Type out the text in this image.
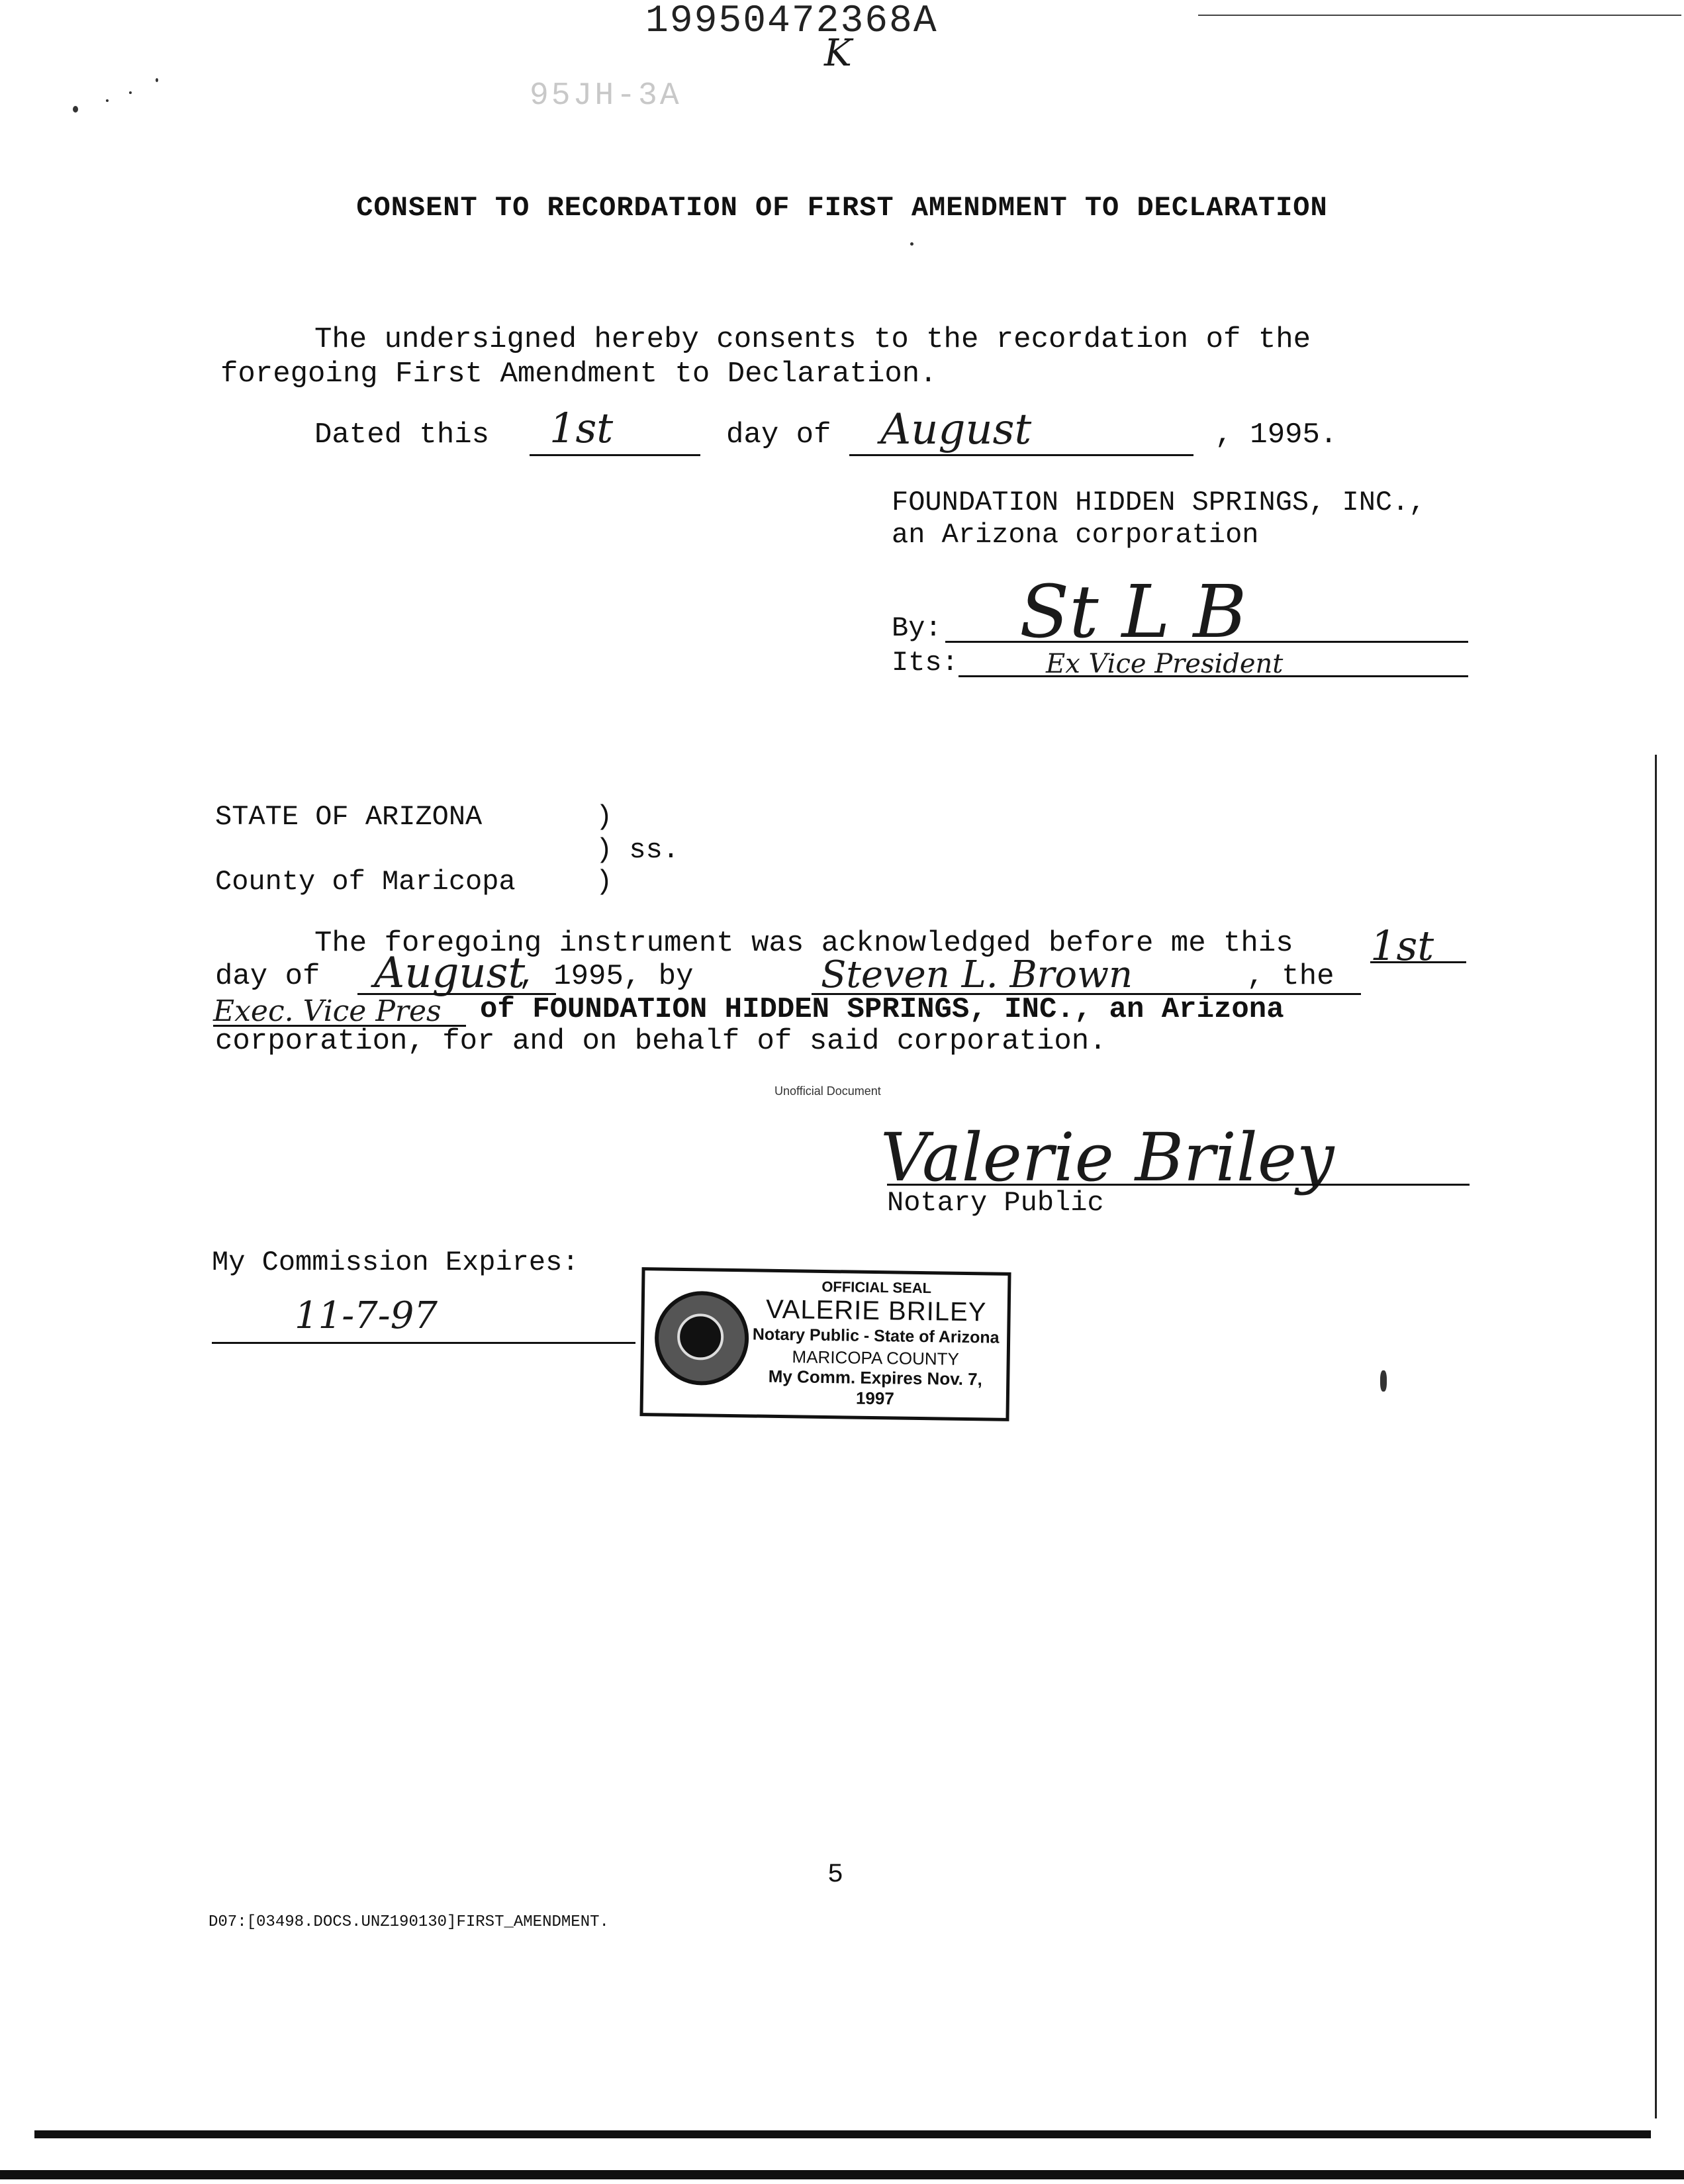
19950472368A
K
95JH-3A
CONSENT TO RECORDATION OF FIRST AMENDMENT TO DECLARATION
The undersigned hereby consents to the recordation of the
foregoing First Amendment to Declaration.
Dated this	day of	, 1995.
1st	August
FOUNDATION HIDDEN SPRINGS, INC.,
an Arizona corporation
By: St L B
Its:	Ex Vice President
STATE OF ARIZONA
County of Maricopa
)
) ss.
)
The foregoing instrument was acknowledged before me this 1st
day of	, 1995, by	, the
August	Steven L. Brown
of FOUNDATION HIDDEN SPRINGS, INC., an Arizona
Exec. Vice Pres
corporation, for and on behalf of said corporation.
Unofficial Document
Valerie Briley
Notary Public
My Commission Expires:
11-7-97
OFFICIAL SEAL
VALERIE BRILEY
Notary Public - State of Arizona
MARICOPA COUNTY
My Comm. Expires Nov. 7, 1997
5
D07:[03498.DOCS.UNZ190130]FIRST_AMENDMENT.
